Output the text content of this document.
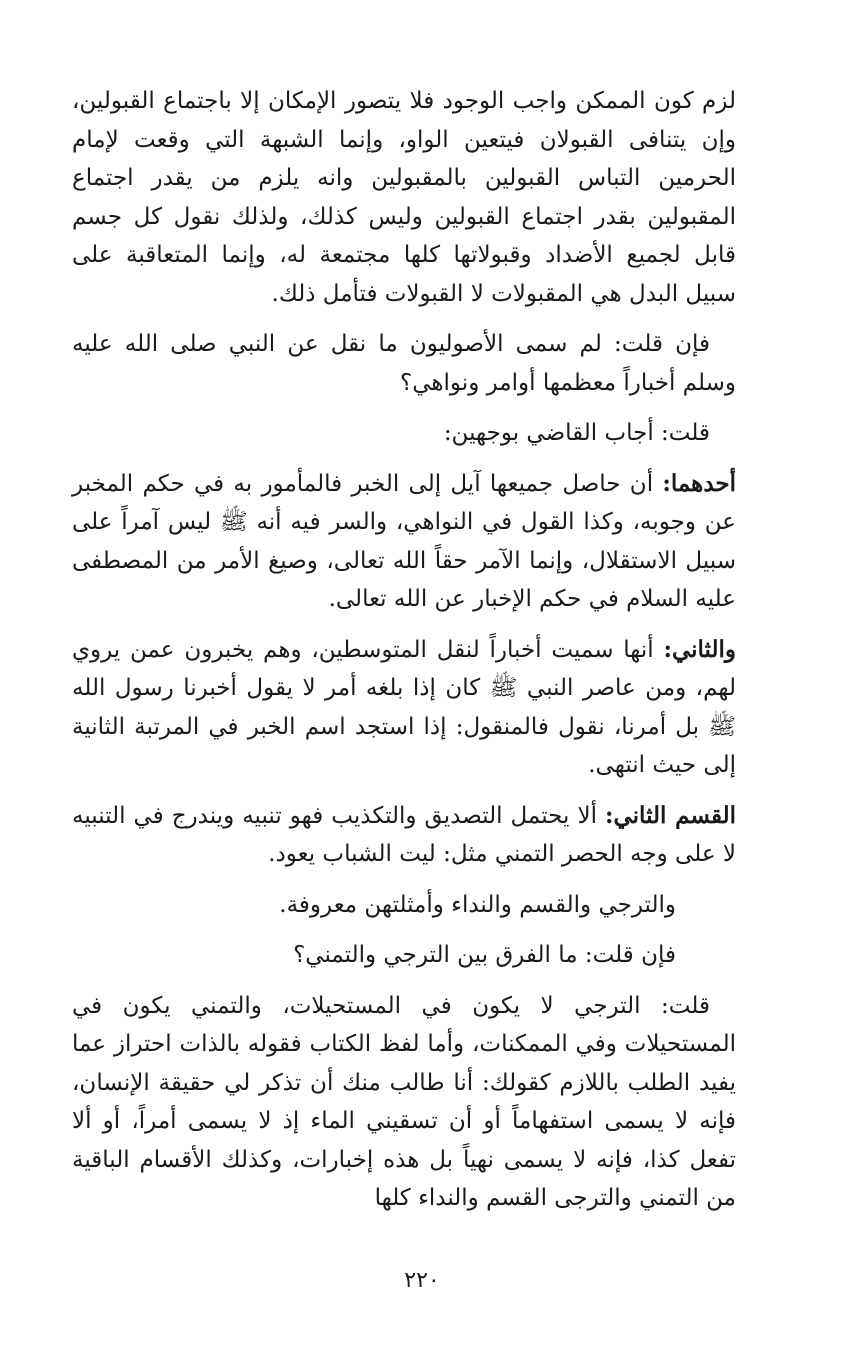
لزم كون الممكن واجب الوجود فلا يتصور الإمكان إلا باجتماع القبولين، وإن يتنافى القبولان فيتعين الواو، وإنما الشبهة التي وقعت لإمام الحرمين التباس القبولين بالمقبولين وانه يلزم من يقدر اجتماع المقبولين بقدر اجتماع القبولين وليس كذلك، ولذلك نقول كل جسم قابل لجميع الأضداد وقبولاتها كلها مجتمعة له، وإنما المتعاقبة على سبيل البدل هي المقبولات لا القبولات فتأمل ذلك.

فإن قلت: لم سمى الأصوليون ما نقل عن النبي صلى الله عليه وسلم أخباراً معظمها أوامر ونواهي؟

قلت: أجاب القاضي بوجهين:

أحدهما: أن حاصل جميعها آيل إلى الخبر فالمأمور به في حكم المخبر عن وجوبه، وكذا القول في النواهي، والسر فيه أنه ﷺ ليس آمراً على سبيل الاستقلال، وإنما الآمر حقاً الله تعالى، وصيغ الأمر من المصطفى عليه السلام في حكم الإخبار عن الله تعالى.

والثاني: أنها سميت أخباراً لنقل المتوسطين، وهم يخبرون عمن يروي لهم، ومن عاصر النبي ﷺ كان إذا بلغه أمر لا يقول أخبرنا رسول الله ﷺ بل أمرنا، نقول فالمنقول: إذا استجد اسم الخبر في المرتبة الثانية إلى حيث انتهى.

القسم الثاني: ألا يحتمل التصديق والتكذيب فهو تنبيه ويندرج في التنبيه لا على وجه الحصر التمني مثل: ليت الشباب يعود.

والترجي والقسم والنداء وأمثلتهن معروفة.

فإن قلت: ما الفرق بين الترجي والتمني؟

قلت: الترجي لا يكون في المستحيلات، والتمني يكون في المستحيلات وفي الممكنات، وأما لفظ الكتاب فقوله بالذات احتراز عما يفيد الطلب باللازم كقولك: أنا طالب منك أن تذكر لي حقيقة الإنسان، فإنه لا يسمى استفهاماً أو أن تسقيني الماء إذ لا يسمى أمراً، أو ألا تفعل كذا، فإنه لا يسمى نهياً بل هذه إخبارات، وكذلك الأقسام الباقية من التمني والترجى القسم والنداء كلها

٢٢٠
